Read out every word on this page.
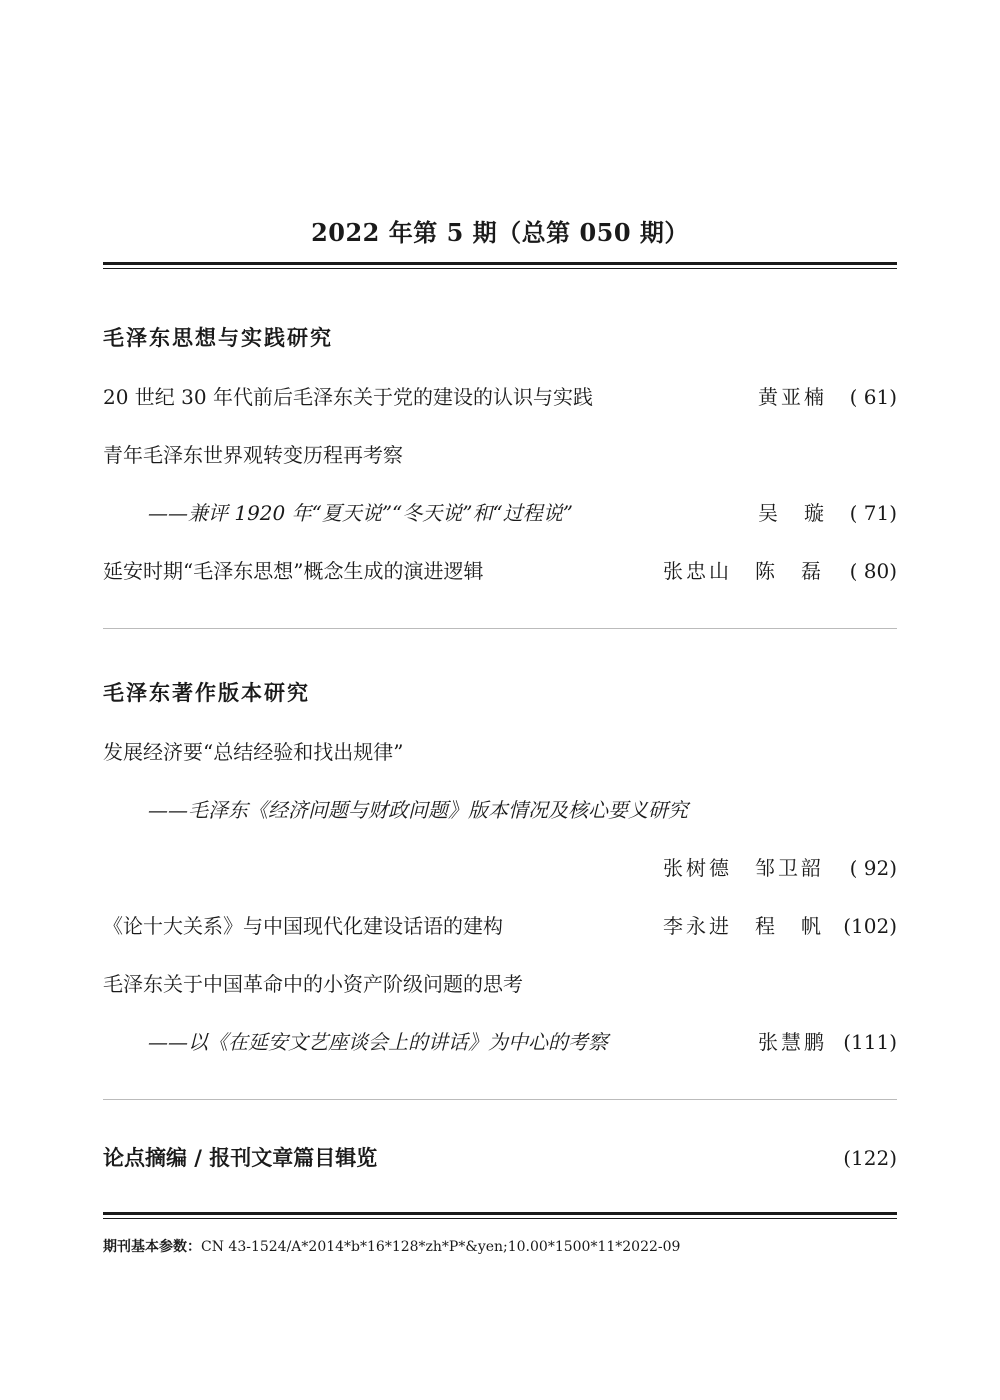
2022 年第 5 期（总第 050 期）
毛泽东思想与实践研究
20 世纪 30 年代前后毛泽东关于党的建设的认识与实践	黄亚楠 ( 61)
青年毛泽东世界观转变历程再考察
——兼评 1920 年“夏天说”“冬天说”和“过程说”	吴　璇 ( 71)
延安时期“毛泽东思想”概念生成的演进逻辑	张忠山　陈　磊 ( 80)
毛泽东著作版本研究
发展经济要“总结经验和找出规律”
——毛泽东《经济问题与财政问题》版本情况及核心要义研究
张树德　邹卫韶 ( 92)
《论十大关系》与中国现代化建设话语的建构	李永进　程　帆 (102)
毛泽东关于中国革命中的小资产阶级问题的思考
——以《在延安文艺座谈会上的讲话》为中心的考察	张慧鹏 (111)
论点摘编 / 报刊文章篇目辑览	(122)
期刊基本参数：CN 43-1524/A*2014*b*16*128*zh*P*&yen;10.00*1500*11*2022-09
